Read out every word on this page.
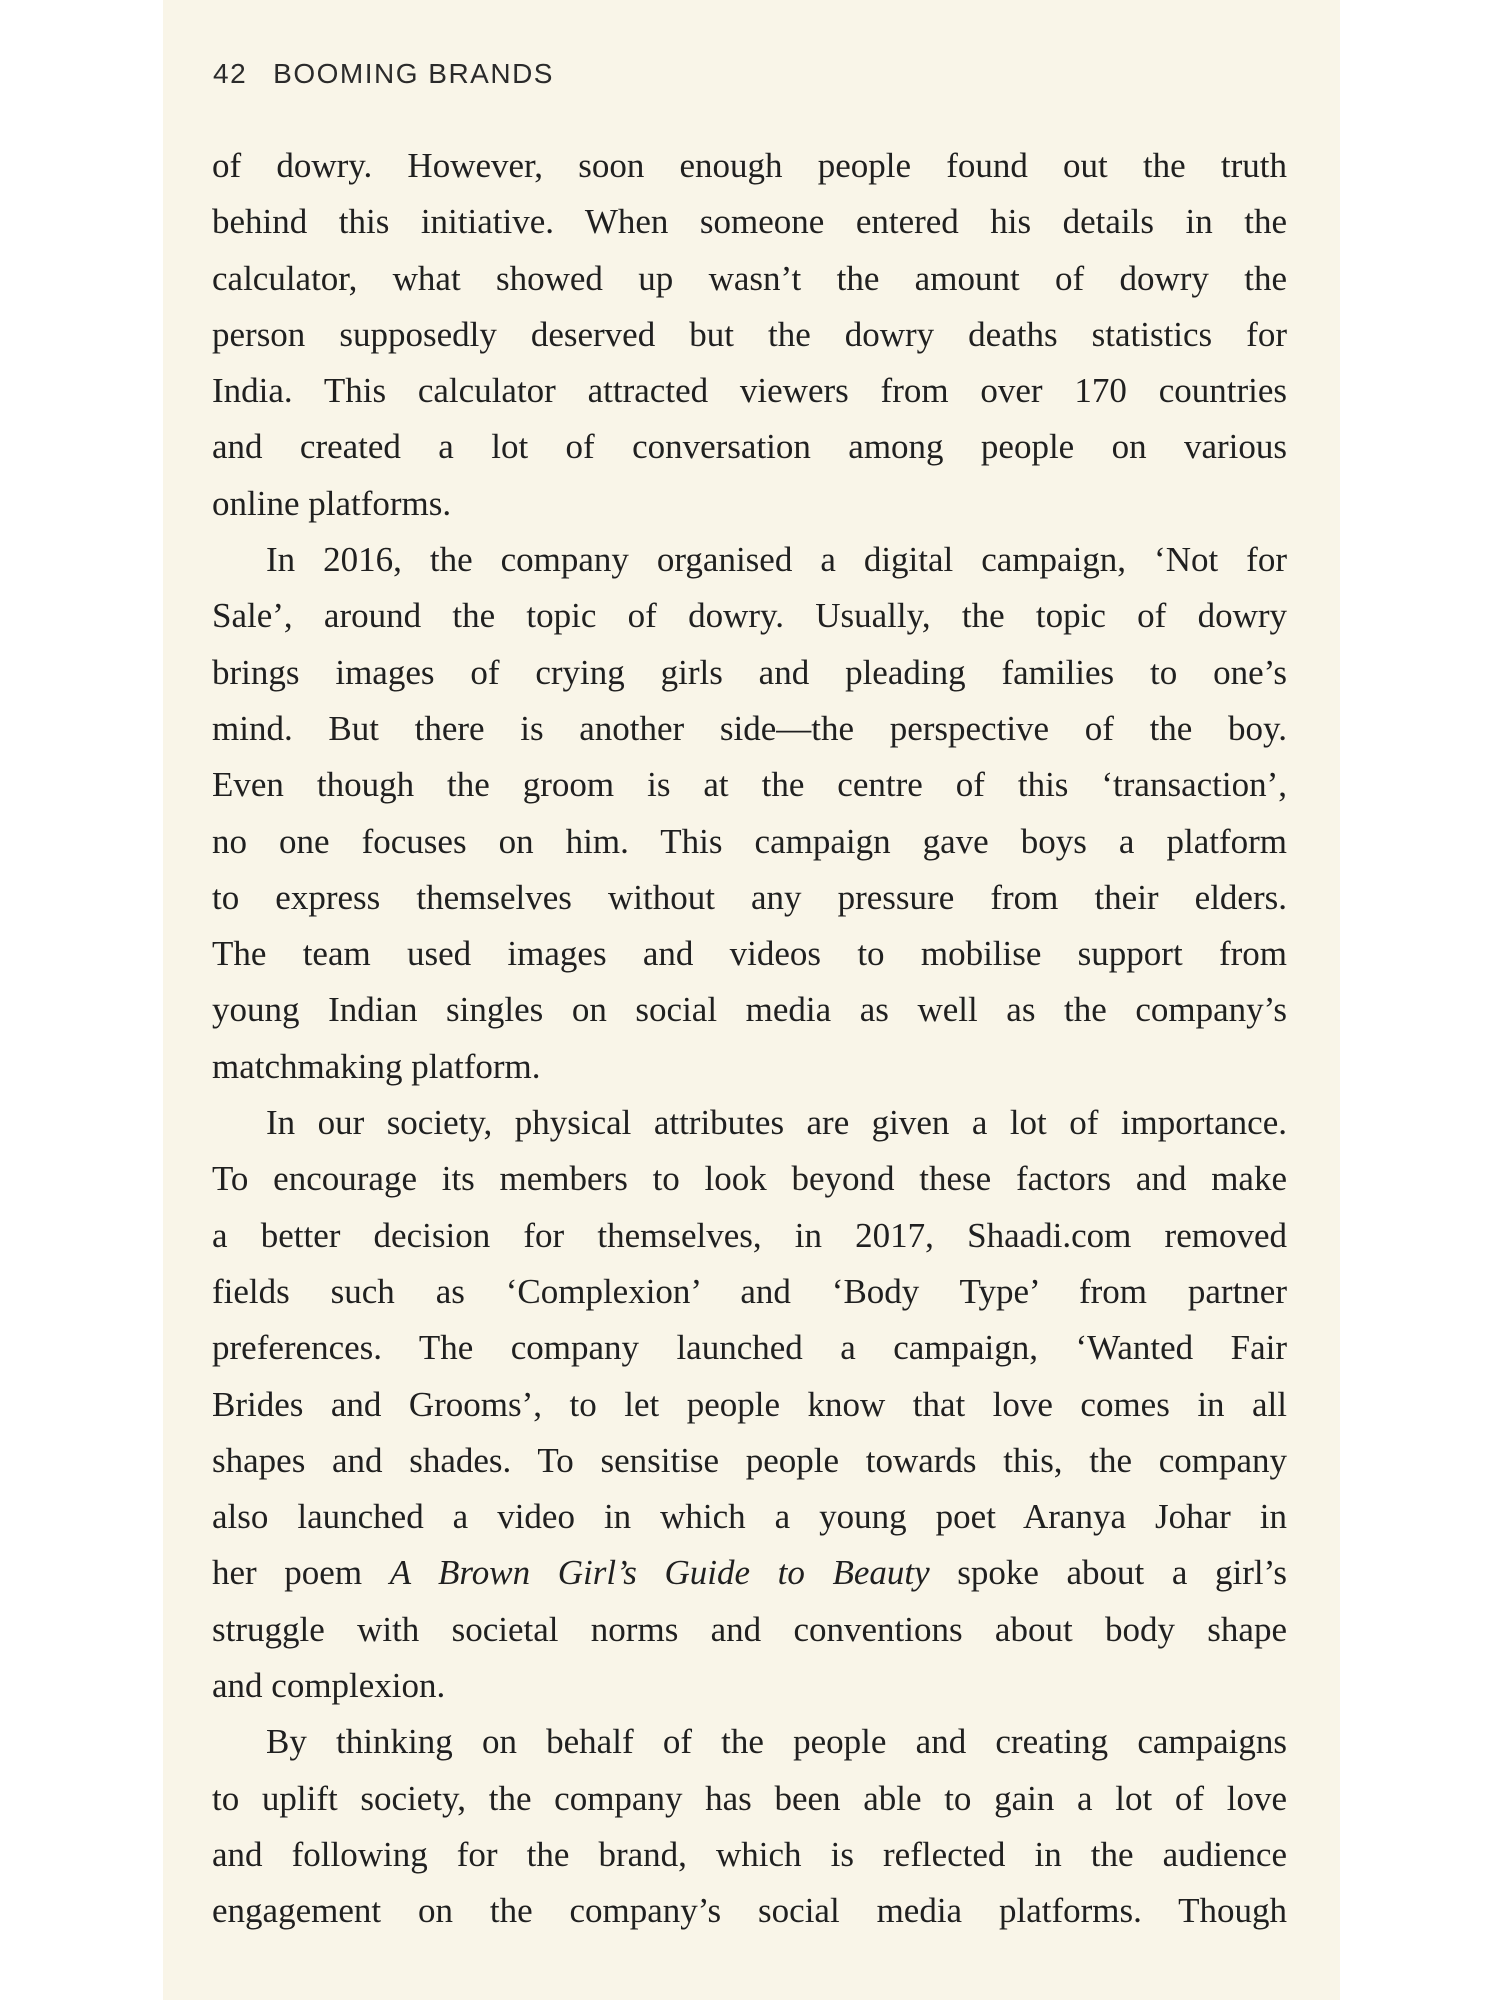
42 BOOMING BRANDS

of dowry. However, soon enough people found out the truth
behind this initiative. When someone entered his details in the
calculator, what showed up wasn’t the amount of dowry the
person supposedly deserved but the dowry deaths statistics for
India. This calculator attracted viewers from over 170 countries
and created a lot of conversation among people on various
online platforms.

In 2016, the company organised a digital campaign, ‘Not for
Sale’, around the topic of dowry. Usually, the topic of dowry
brings images of crying girls and pleading families to one’s
mind. But there is another side—the perspective of the boy.
Even though the groom is at the centre of this ‘transaction’,
no one focuses on him. This campaign gave boys a platform
to express themselves without any pressure from their elders.
The team used images and videos to mobilise support from
young Indian singles on social media as well as the company’s
matchmaking platform.

In our society, physical attributes are given a lot of importance.
To encourage its members to look beyond these factors and make
a better decision for themselves, in 2017, Shaadi.com removed
fields such as ‘Complexion’ and ‘Body Type’ from partner
preferences. The company launched a campaign, ‘Wanted Fair
Brides and Grooms’, to let people know that love comes in all
shapes and shades. To sensitise people towards this, the company
also launched a video in which a young poet Aranya Johar in
her poem A Brown Girl’s Guide to Beauty spoke about a girl’s
struggle with societal norms and conventions about body shape
and complexion.

By thinking on behalf of the people and creating campaigns
to uplift society, the company has been able to gain a lot of love
and following for the brand, which is reflected in the audience
engagement on the company’s social media platforms. Though
